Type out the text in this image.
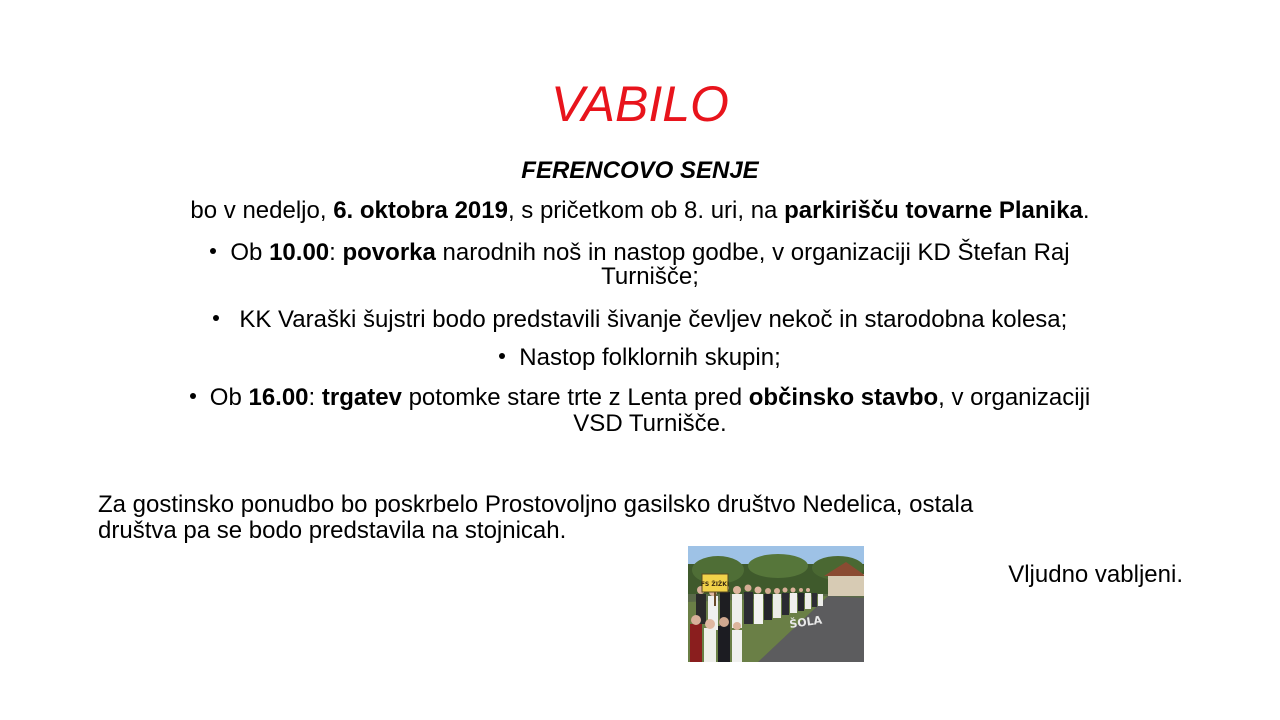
VABILO
FERENCOVO SENJE
bo v nedeljo, 6. oktobra 2019, s pričetkom ob 8. uri, na parkirišču tovarne Planika.
Ob 10.00: povorka narodnih noš in nastop godbe, v organizaciji KD Štefan Raj
Turnišče;
KK Varaški šujstri bodo predstavili šivanje čevljev nekoč in starodobna kolesa;
Nastop folklornih skupin;
Ob 16.00: trgatev potomke stare trte z Lenta pred občinsko stavbo, v organizaciji
VSD Turnišče.
Za gostinsko ponudbo bo poskrbelo Prostovoljno gasilsko društvo Nedelica, ostala
društva pa se bodo predstavila na stojnicah.
Vljudno vabljeni.
ŠOLA
FS ŽIŽKI
